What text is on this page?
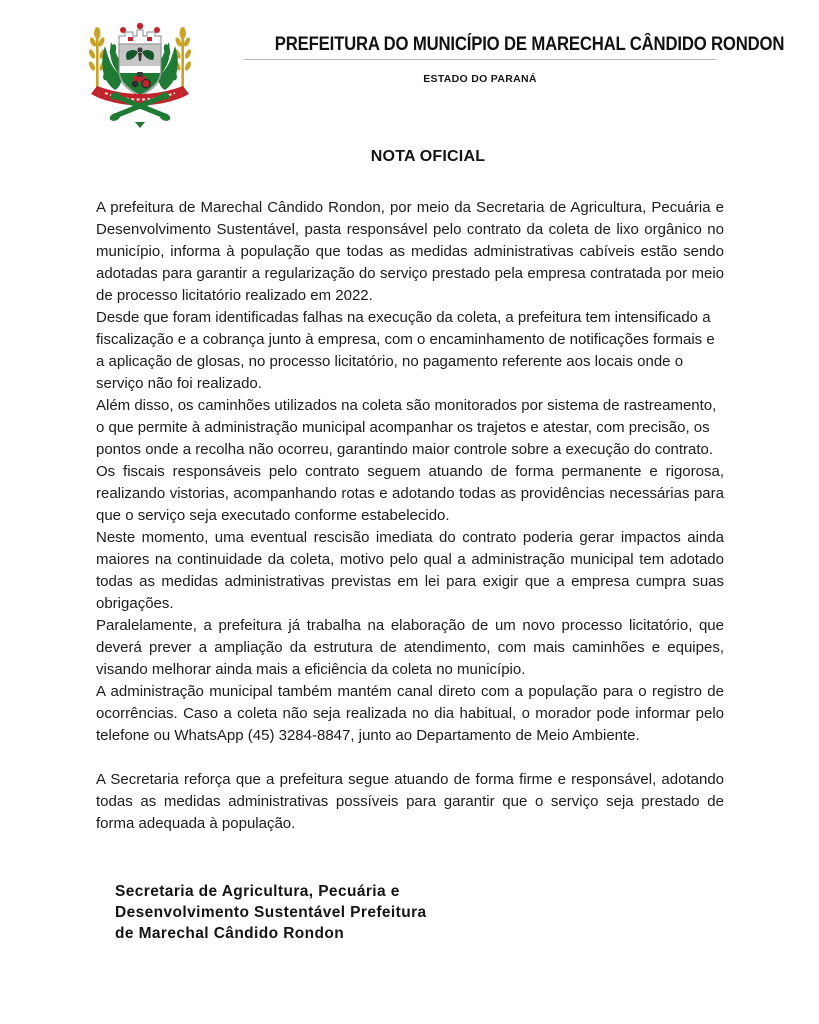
PREFEITURA DO MUNICÍPIO DE MARECHAL CÂNDIDO RONDON
ESTADO DO PARANÁ
NOTA OFICIAL

A prefeitura de Marechal Cândido Rondon, por meio da Secretaria de Agricultura, Pecuária e Desenvolvimento Sustentável, pasta responsável pelo contrato da coleta de lixo orgânico no município, informa à população que todas as medidas administrativas cabíveis estão sendo adotadas para garantir a regularização do serviço prestado pela empresa contratada por meio de processo licitatório realizado em 2022.

Desde que foram identificadas falhas na execução da coleta, a prefeitura tem intensificado a fiscalização e a cobrança junto à empresa, com o encaminhamento de notificações formais e a aplicação de glosas, no processo licitatório, no pagamento referente aos locais onde o serviço não foi realizado.

Além disso, os caminhões utilizados na coleta são monitorados por sistema de rastreamento, o que permite à administração municipal acompanhar os trajetos e atestar, com precisão, os pontos onde a recolha não ocorreu, garantindo maior controle sobre a execução do contrato.

Os fiscais responsáveis pelo contrato seguem atuando de forma permanente e rigorosa, realizando vistorias, acompanhando rotas e adotando todas as providências necessárias para que o serviço seja executado conforme estabelecido.

Neste momento, uma eventual rescisão imediata do contrato poderia gerar impactos ainda maiores na continuidade da coleta, motivo pelo qual a administração municipal tem adotado todas as medidas administrativas previstas em lei para exigir que a empresa cumpra suas obrigações.

Paralelamente, a prefeitura já trabalha na elaboração de um novo processo licitatório, que deverá prever a ampliação da estrutura de atendimento, com mais caminhões e equipes, visando melhorar ainda mais a eficiência da coleta no município.

A administração municipal também mantém canal direto com a população para o registro de ocorrências. Caso a coleta não seja realizada no dia habitual, o morador pode informar pelo telefone ou WhatsApp (45) 3284-8847, junto ao Departamento de Meio Ambiente.

A Secretaria reforça que a prefeitura segue atuando de forma firme e responsável, adotando todas as medidas administrativas possíveis para garantir que o serviço seja prestado de forma adequada à população.

Secretaria de Agricultura, Pecuária e
Desenvolvimento Sustentável Prefeitura
de Marechal Cândido Rondon
